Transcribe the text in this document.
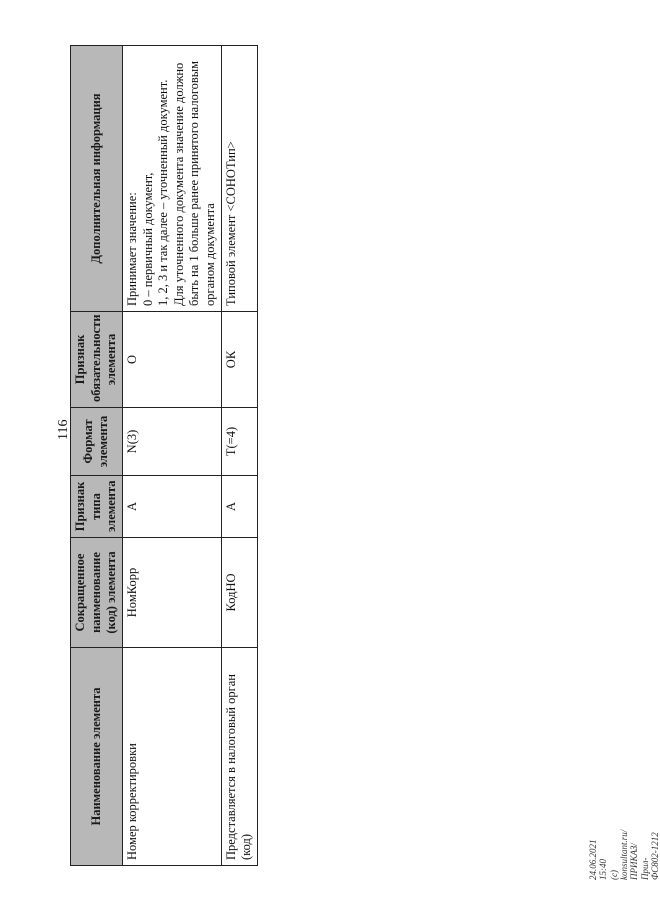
116
Наименование элемента	Сокращенное наименование (код) элемента	Признак типа элемента	Формат элемента	Признак обязательности элемента	Дополнительная информация
Номер корректировки	НомКорр	А	N(3)	О	Принимает значение:
0 – первичный документ,
1, 2, 3 и так далее – уточненный документ.
Для уточненного документа значение должно быть на 1 больше ранее принятого налоговым органом документа
Представляется в налоговый орган (код)	КодНО	А	T(=4)	ОК	Типовой элемент <СОНОТип>
24.06.2021 15:40
(c) konsultant.ru/ПРИКАЗ/Прил-ФС802-1212
